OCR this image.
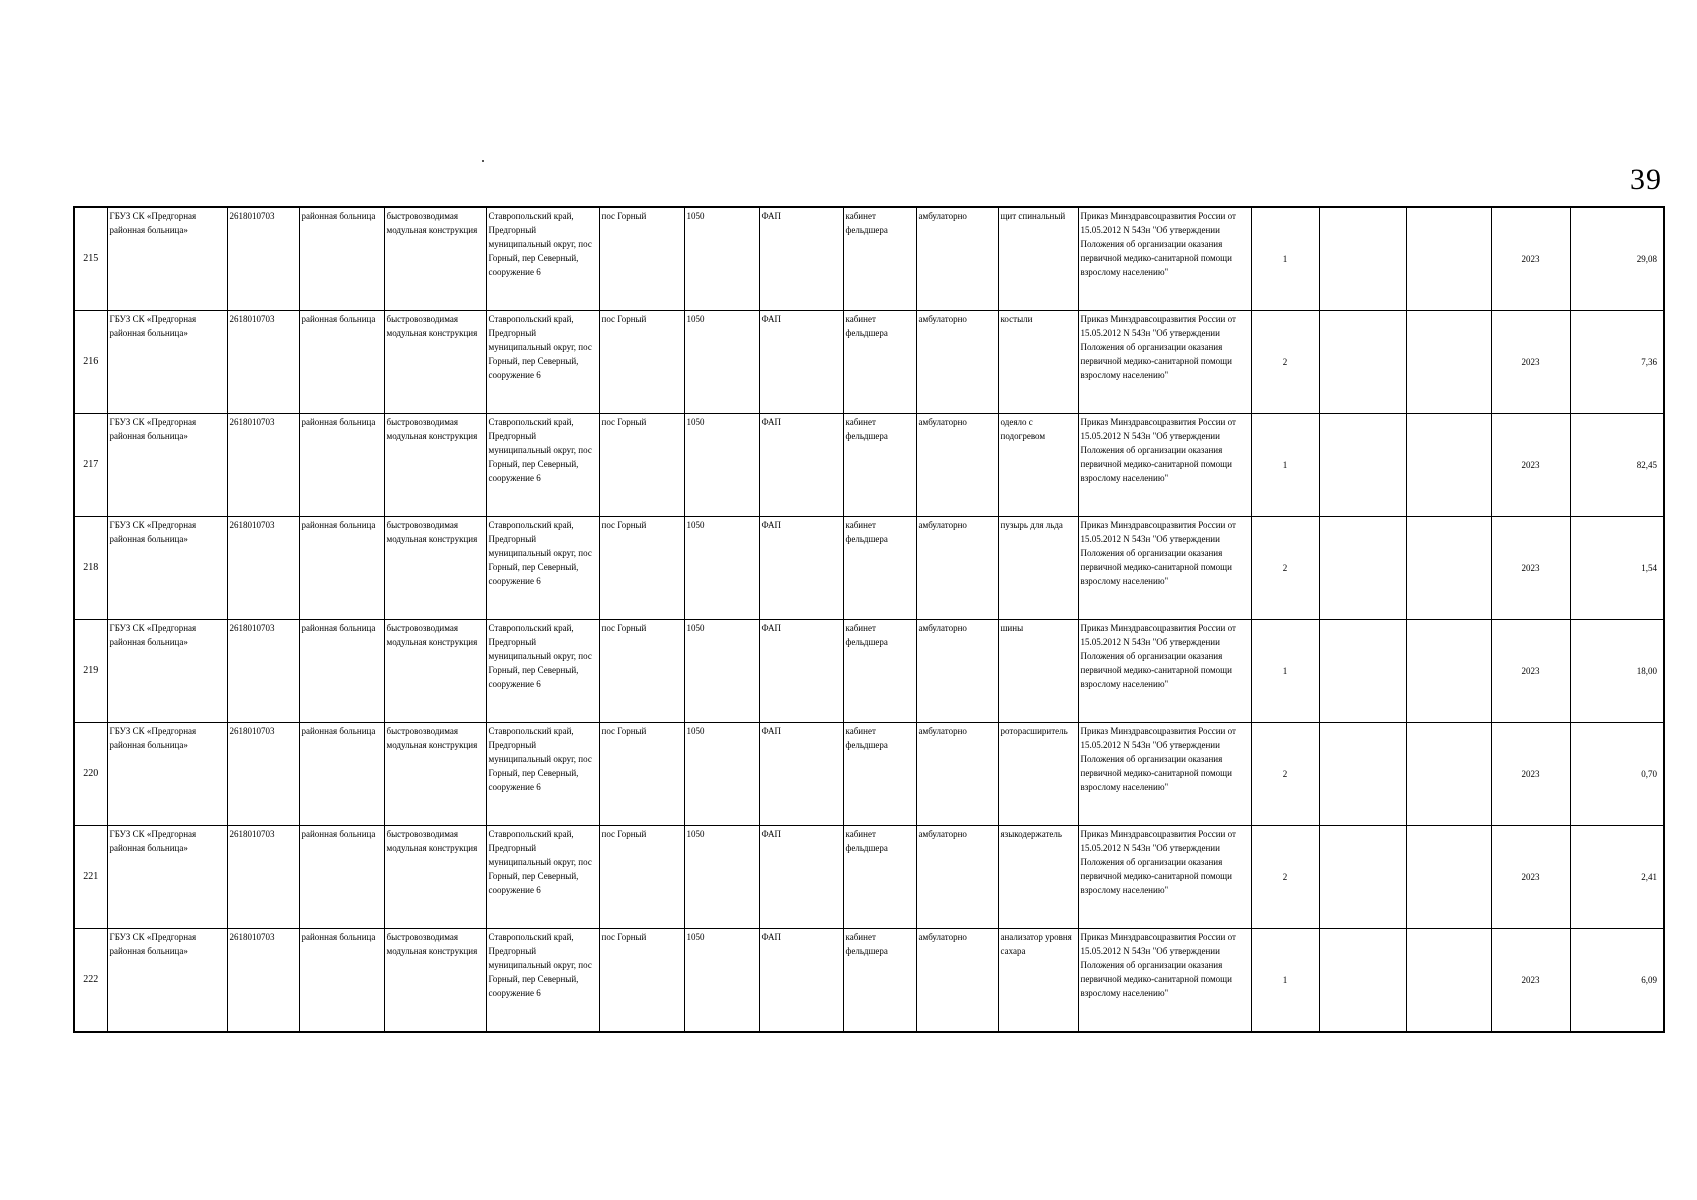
39
215	ГБУЗ СК «Предгорная районная больница»	2618010703	районная больница	быстровозводимая модульная конструкция	Ставропольский край, Предгорный муниципальный округ, пос Горный, пер Северный, сооружение 6	пос Горный	1050	ФАП	кабинет фельдшера	амбулаторно	щит спинальный	Приказ Минздравсоцразвития России от 15.05.2012 N 543н "Об утверждении Положения об организации оказания первичной медико-санитарной помощи взрослому населению"	1			2023	29,08
216	ГБУЗ СК «Предгорная районная больница»	2618010703	районная больница	быстровозводимая модульная конструкция	Ставропольский край, Предгорный муниципальный округ, пос Горный, пер Северный, сооружение 6	пос Горный	1050	ФАП	кабинет фельдшера	амбулаторно	костыли	Приказ Минздравсоцразвития России от 15.05.2012 N 543н "Об утверждении Положения об организации оказания первичной медико-санитарной помощи взрослому населению"	2			2023	7,36
217	ГБУЗ СК «Предгорная районная больница»	2618010703	районная больница	быстровозводимая модульная конструкция	Ставропольский край, Предгорный муниципальный округ, пос Горный, пер Северный, сооружение 6	пос Горный	1050	ФАП	кабинет фельдшера	амбулаторно	одеяло с подогревом	Приказ Минздравсоцразвития России от 15.05.2012 N 543н "Об утверждении Положения об организации оказания первичной медико-санитарной помощи взрослому населению"	1			2023	82,45
218	ГБУЗ СК «Предгорная районная больница»	2618010703	районная больница	быстровозводимая модульная конструкция	Ставропольский край, Предгорный муниципальный округ, пос Горный, пер Северный, сооружение 6	пос Горный	1050	ФАП	кабинет фельдшера	амбулаторно	пузырь для льда	Приказ Минздравсоцразвития России от 15.05.2012 N 543н "Об утверждении Положения об организации оказания первичной медико-санитарной помощи взрослому населению"	2			2023	1,54
219	ГБУЗ СК «Предгорная районная больница»	2618010703	районная больница	быстровозводимая модульная конструкция	Ставропольский край, Предгорный муниципальный округ, пос Горный, пер Северный, сооружение 6	пос Горный	1050	ФАП	кабинет фельдшера	амбулаторно	шины	Приказ Минздравсоцразвития России от 15.05.2012 N 543н "Об утверждении Положения об организации оказания первичной медико-санитарной помощи взрослому населению"	1			2023	18,00
220	ГБУЗ СК «Предгорная районная больница»	2618010703	районная больница	быстровозводимая модульная конструкция	Ставропольский край, Предгорный муниципальный округ, пос Горный, пер Северный, сооружение 6	пос Горный	1050	ФАП	кабинет фельдшера	амбулаторно	роторасширитель	Приказ Минздравсоцразвития России от 15.05.2012 N 543н "Об утверждении Положения об организации оказания первичной медико-санитарной помощи взрослому населению"	2			2023	0,70
221	ГБУЗ СК «Предгорная районная больница»	2618010703	районная больница	быстровозводимая модульная конструкция	Ставропольский край, Предгорный муниципальный округ, пос Горный, пер Северный, сооружение 6	пос Горный	1050	ФАП	кабинет фельдшера	амбулаторно	языкодержатель	Приказ Минздравсоцразвития России от 15.05.2012 N 543н "Об утверждении Положения об организации оказания первичной медико-санитарной помощи взрослому населению"	2			2023	2,41
222	ГБУЗ СК «Предгорная районная больница»	2618010703	районная больница	быстровозводимая модульная конструкция	Ставропольский край, Предгорный муниципальный округ, пос Горный, пер Северный, сооружение 6	пос Горный	1050	ФАП	кабинет фельдшера	амбулаторно	анализатор уровня сахара	Приказ Минздравсоцразвития России от 15.05.2012 N 543н "Об утверждении Положения об организации оказания первичной медико-санитарной помощи взрослому населению"	1			2023	6,09
